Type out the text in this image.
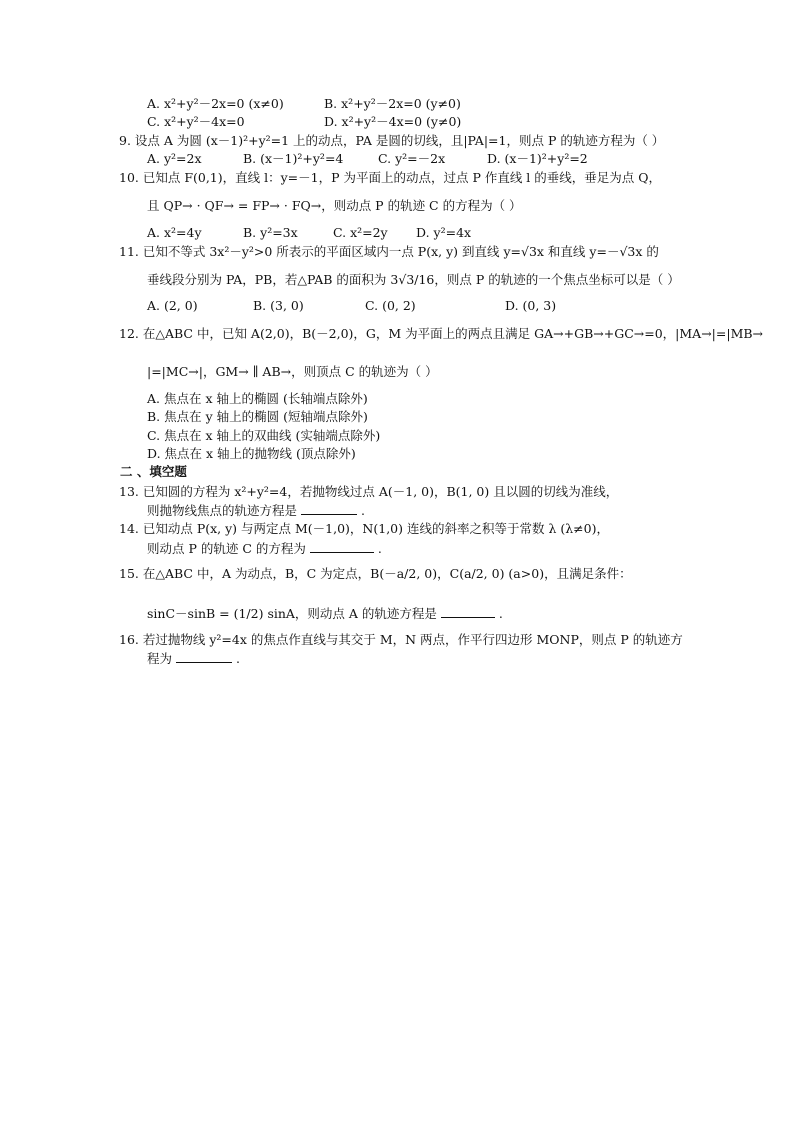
A. x²+y²－2x=0 (x≠0)	B. x²+y²－2x=0 (y≠0)
C. x²+y²－4x=0	D. x²+y²－4x=0 (y≠0)
9. 设点 A 为圆 (x－1)²+y²=1 上的动点，PA 是圆的切线，且|PA|=1，则点 P 的轨迹方程为（ ）
A. y²=2x	B. (x－1)²+y²=4	C. y²=－2x	D. (x－1)²+y²=2
10. 已知点 F(0,1)，直线 l：y=－1，P 为平面上的动点，过点 P 作直线 l 的垂线，垂足为点 Q，
且 QP→ · QF→ = FP→ · FQ→，则动点 P 的轨迹 C 的方程为（ ）
A. x²=4y	B. y²=3x	C. x²=2y D. y²=4x
11. 已知不等式 3x²－y²>0 所表示的平面区域内一点 P(x, y) 到直线 y=√3x 和直线 y=－√3x 的
垂线段分别为 PA，PB，若△PAB 的面积为 3√3/16，则点 P 的轨迹的一个焦点坐标可以是（ ）
A. (2, 0)	B. (3, 0)	C. (0, 2)	D. (0, 3)
12. 在△ABC 中，已知 A(2,0)，B(－2,0)，G，M 为平面上的两点且满足 GA→+GB→+GC→=0，|MA→|=|MB→
|=|MC→|，GM→ ∥ AB→，则顶点 C 的轨迹为（ ）
A. 焦点在 x 轴上的椭圆 (长轴端点除外)
B. 焦点在 y 轴上的椭圆 (短轴端点除外)
C. 焦点在 x 轴上的双曲线 (实轴端点除外)
D. 焦点在 x 轴上的抛物线 (顶点除外)
二 、填空题
13. 已知圆的方程为 x²+y²=4，若抛物线过点 A(－1, 0)，B(1, 0) 且以圆的切线为准线，
则抛物线焦点的轨迹方程是	.
14. 已知动点 P(x, y) 与两定点 M(－1,0)，N(1,0) 连线的斜率之积等于常数 λ (λ≠0)，
则动点 P 的轨迹 C 的方程为	.
15. 在△ABC 中，A 为动点，B，C 为定点，B(－a/2, 0)，C(a/2, 0) (a>0)，且满足条件：
sinC－sinB = (1/2) sinA，则动点 A 的轨迹方程是	.
16. 若过抛物线 y²=4x 的焦点作直线与其交于 M，N 两点，作平行四边形 MONP，则点 P 的轨迹方
程为	.
